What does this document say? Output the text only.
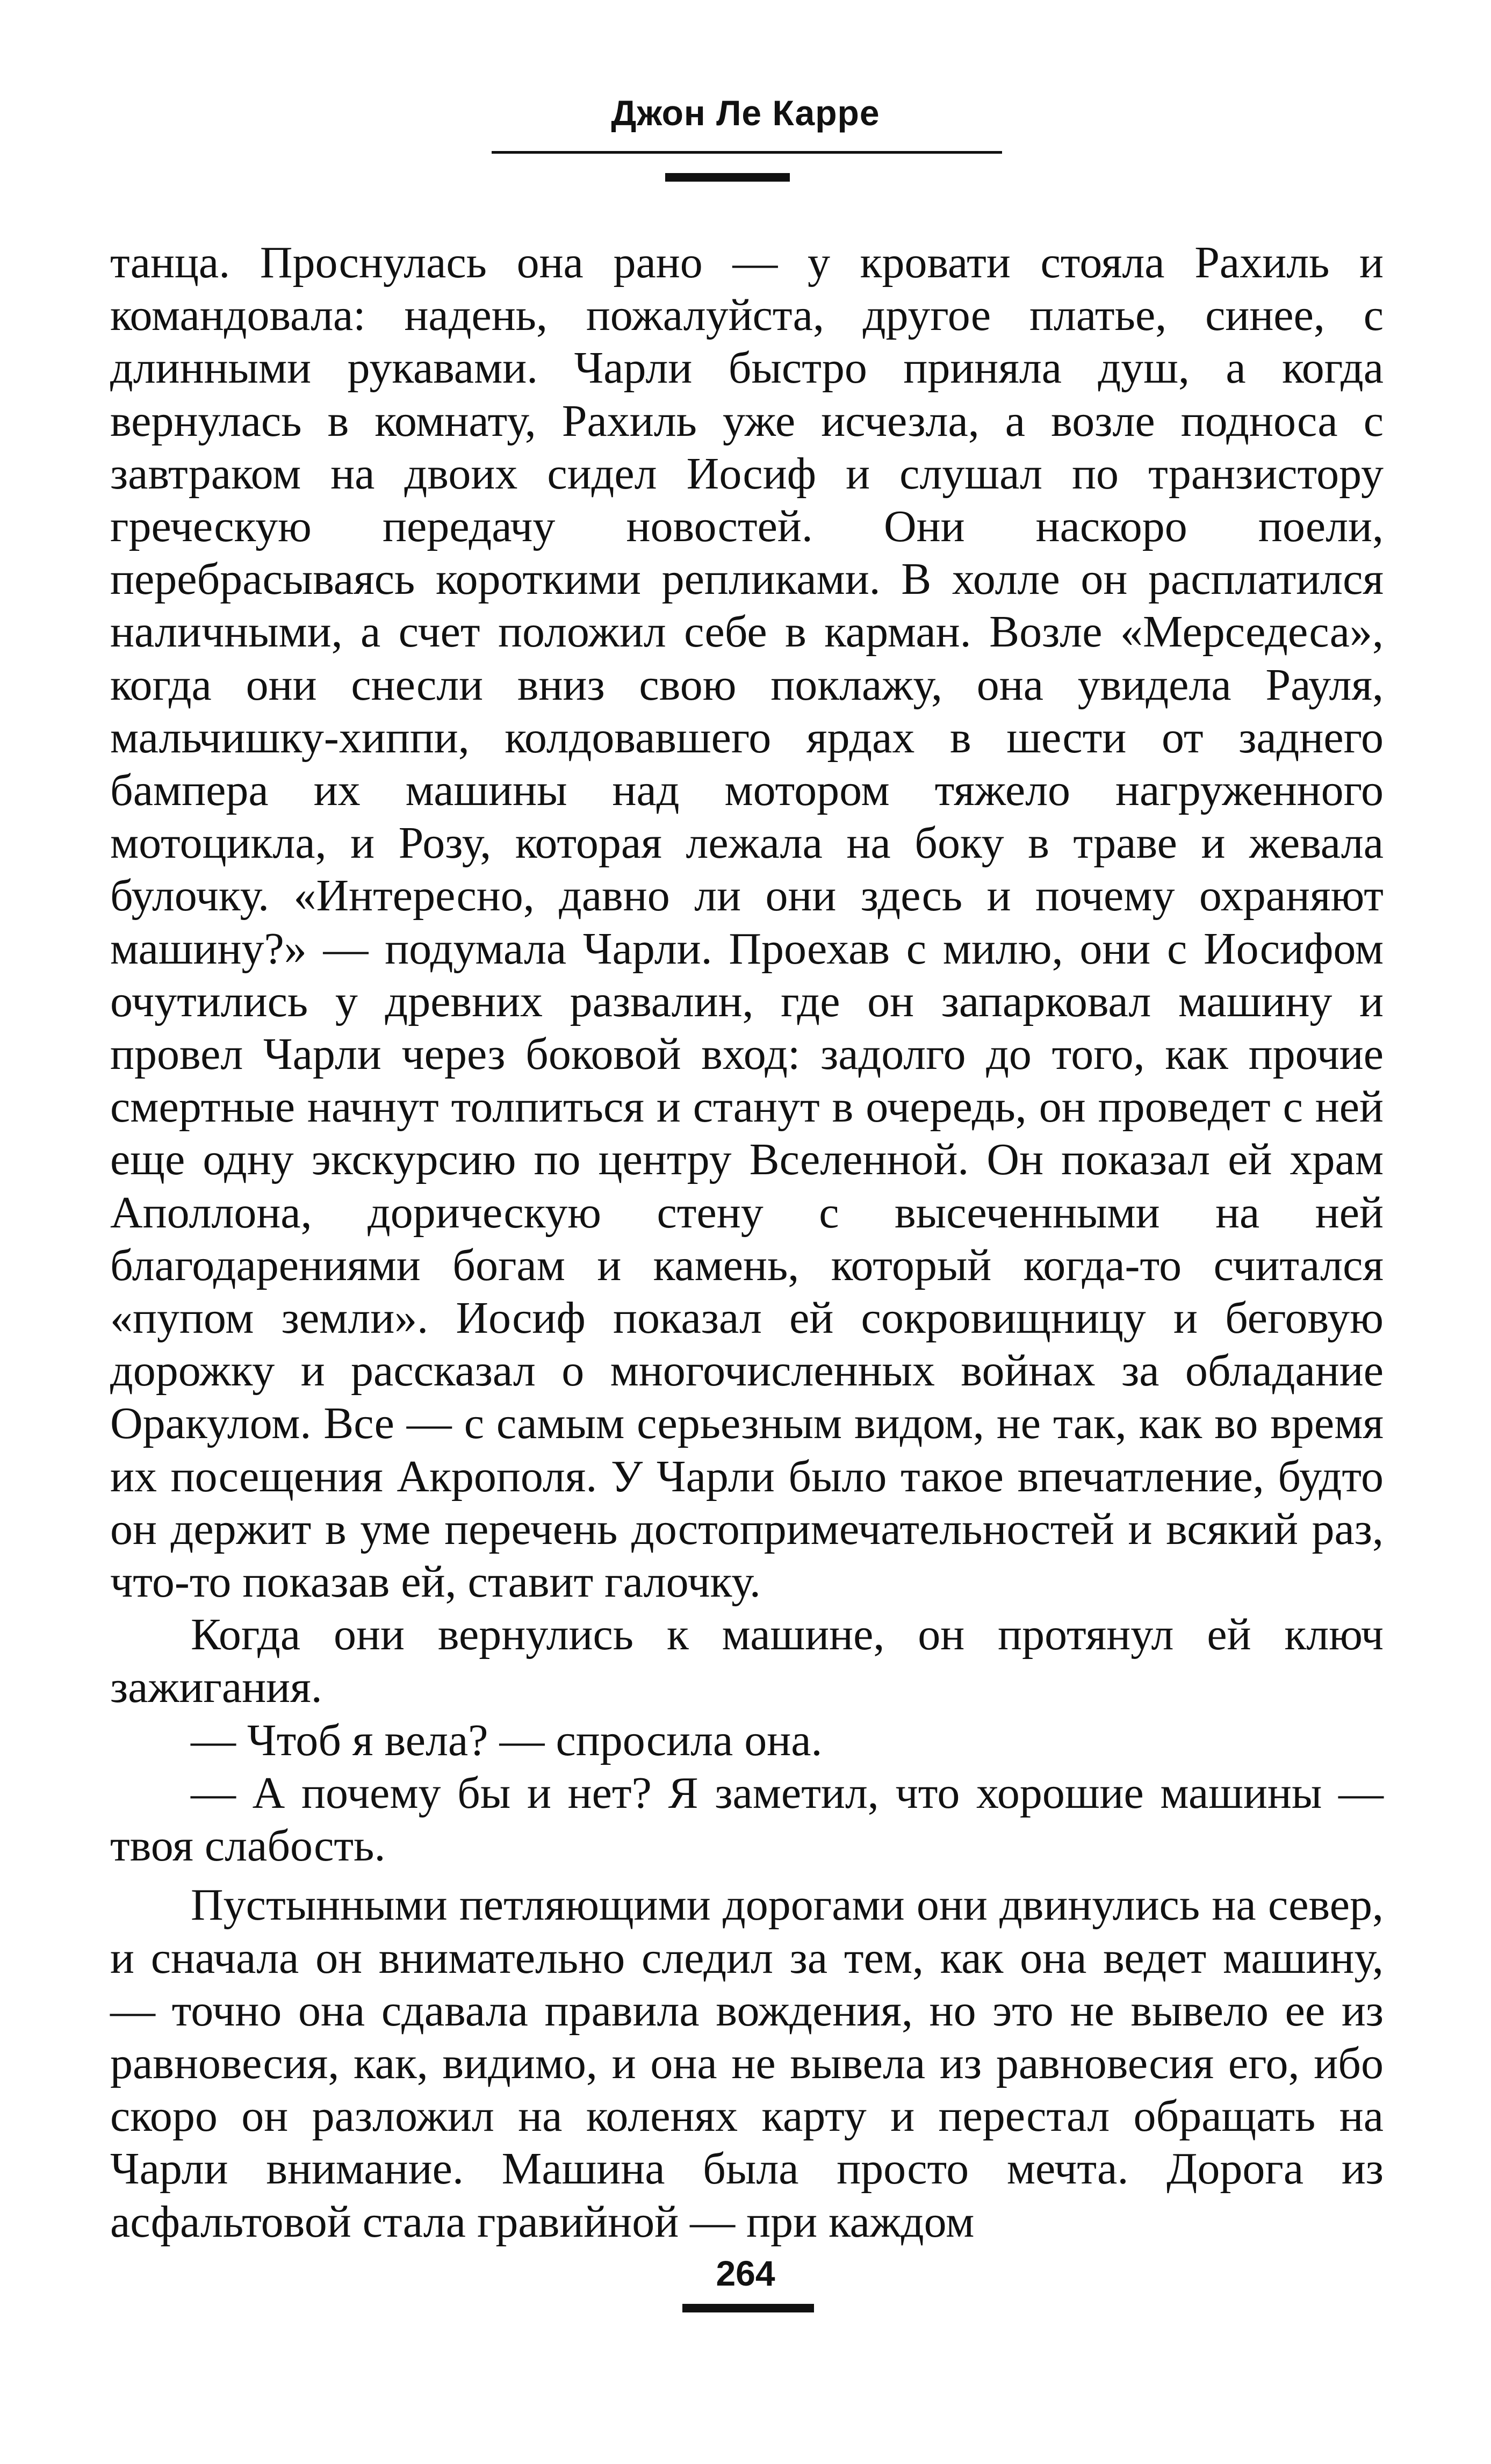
Джон Ле Карре

танца. Проснулась она рано — у кровати стояла Рахиль и командовала: надень, пожалуйста, другое платье, синее, с длинными рукавами. Чарли быстро приняла душ, а когда вернулась в комнату, Рахиль уже исчезла, а возле подноса с завтраком на двоих сидел Иосиф и слушал по транзистору греческую передачу новостей. Они наскоро поели, перебрасываясь короткими репликами. В холле он расплатился наличными, а счет положил себе в карман. Возле «Мерседеса», когда они снесли вниз свою поклажу, она увидела Рауля, мальчишку-хиппи, колдовавшего ярдах в шести от заднего бампера их машины над мотором тяжело нагруженного мотоцикла, и Розу, которая лежала на боку в траве и жевала булочку. «Интересно, давно ли они здесь и почему охраняют машину?» — подумала Чарли. Проехав с милю, они с Иосифом очутились у древних развалин, где он запарковал машину и провел Чарли через боковой вход: задолго до того, как прочие смертные начнут толпиться и станут в очередь, он проведет с ней еще одну экскурсию по центру Вселенной. Он показал ей храм Аполлона, дорическую стену с высеченными на ней благодарениями богам и камень, который когда-то считался «пупом земли». Иосиф показал ей сокровищницу и беговую дорожку и рассказал о многочисленных войнах за обладание Оракулом. Все — с самым серьезным видом, не так, как во время их посещения Акрополя. У Чарли было такое впечатление, будто он держит в уме перечень достопримечательностей и всякий раз, что-то показав ей, ставит галочку.

Когда они вернулись к машине, он протянул ей ключ зажигания.

— Чтоб я вела? — спросила она.

— А почему бы и нет? Я заметил, что хорошие машины — твоя слабость.

Пустынными петляющими дорогами они двинулись на север, и сначала он внимательно следил за тем, как она ведет машину, — точно она сдавала правила вождения, но это не вывело ее из равновесия, как, видимо, и она не вывела из равновесия его, ибо скоро он разложил на коленях карту и перестал обращать на Чарли внимание. Машина была просто мечта. Дорога из асфальтовой стала гравийной — при каждом

264
